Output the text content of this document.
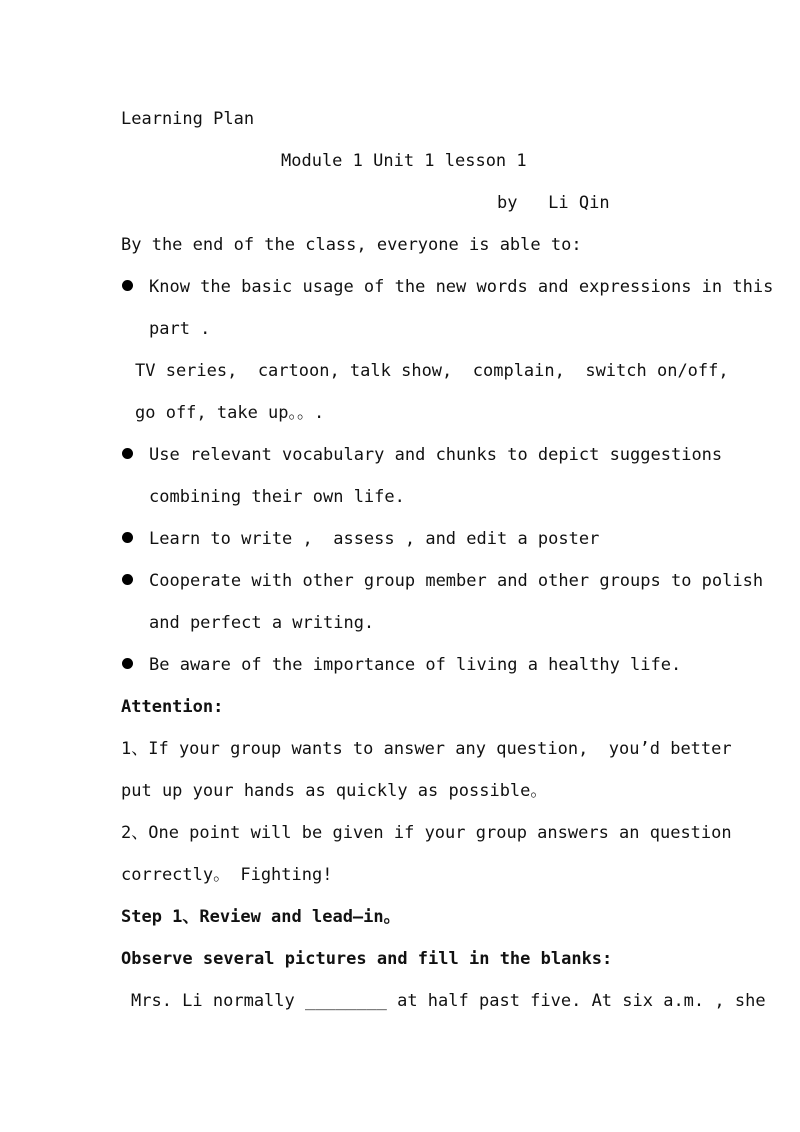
Learning Plan
Module 1 Unit 1 lesson 1
by   Li Qin
By the end of the class, everyone is able to:
Know the basic usage of the new words and expressions in this
part .
TV series,  cartoon, talk show,  complain,  switch on/off,
go off, take up。。.
Use relevant vocabulary and chunks to depict suggestions
combining their own life.
Learn to write ,  assess , and edit a poster
Cooperate with other group member and other groups to polish
and perfect a writing.
Be aware of the importance of living a healthy life.
Attention:
1、If your group wants to answer any question,  you’d better
put up your hands as quickly as possible。
2、One point will be given if your group answers an question
correctly。 Fighting!
Step 1、Review and lead—in。
Observe several pictures and fill in the blanks:
Mrs. Li normally ________ at half past five. At six a.m. , she
